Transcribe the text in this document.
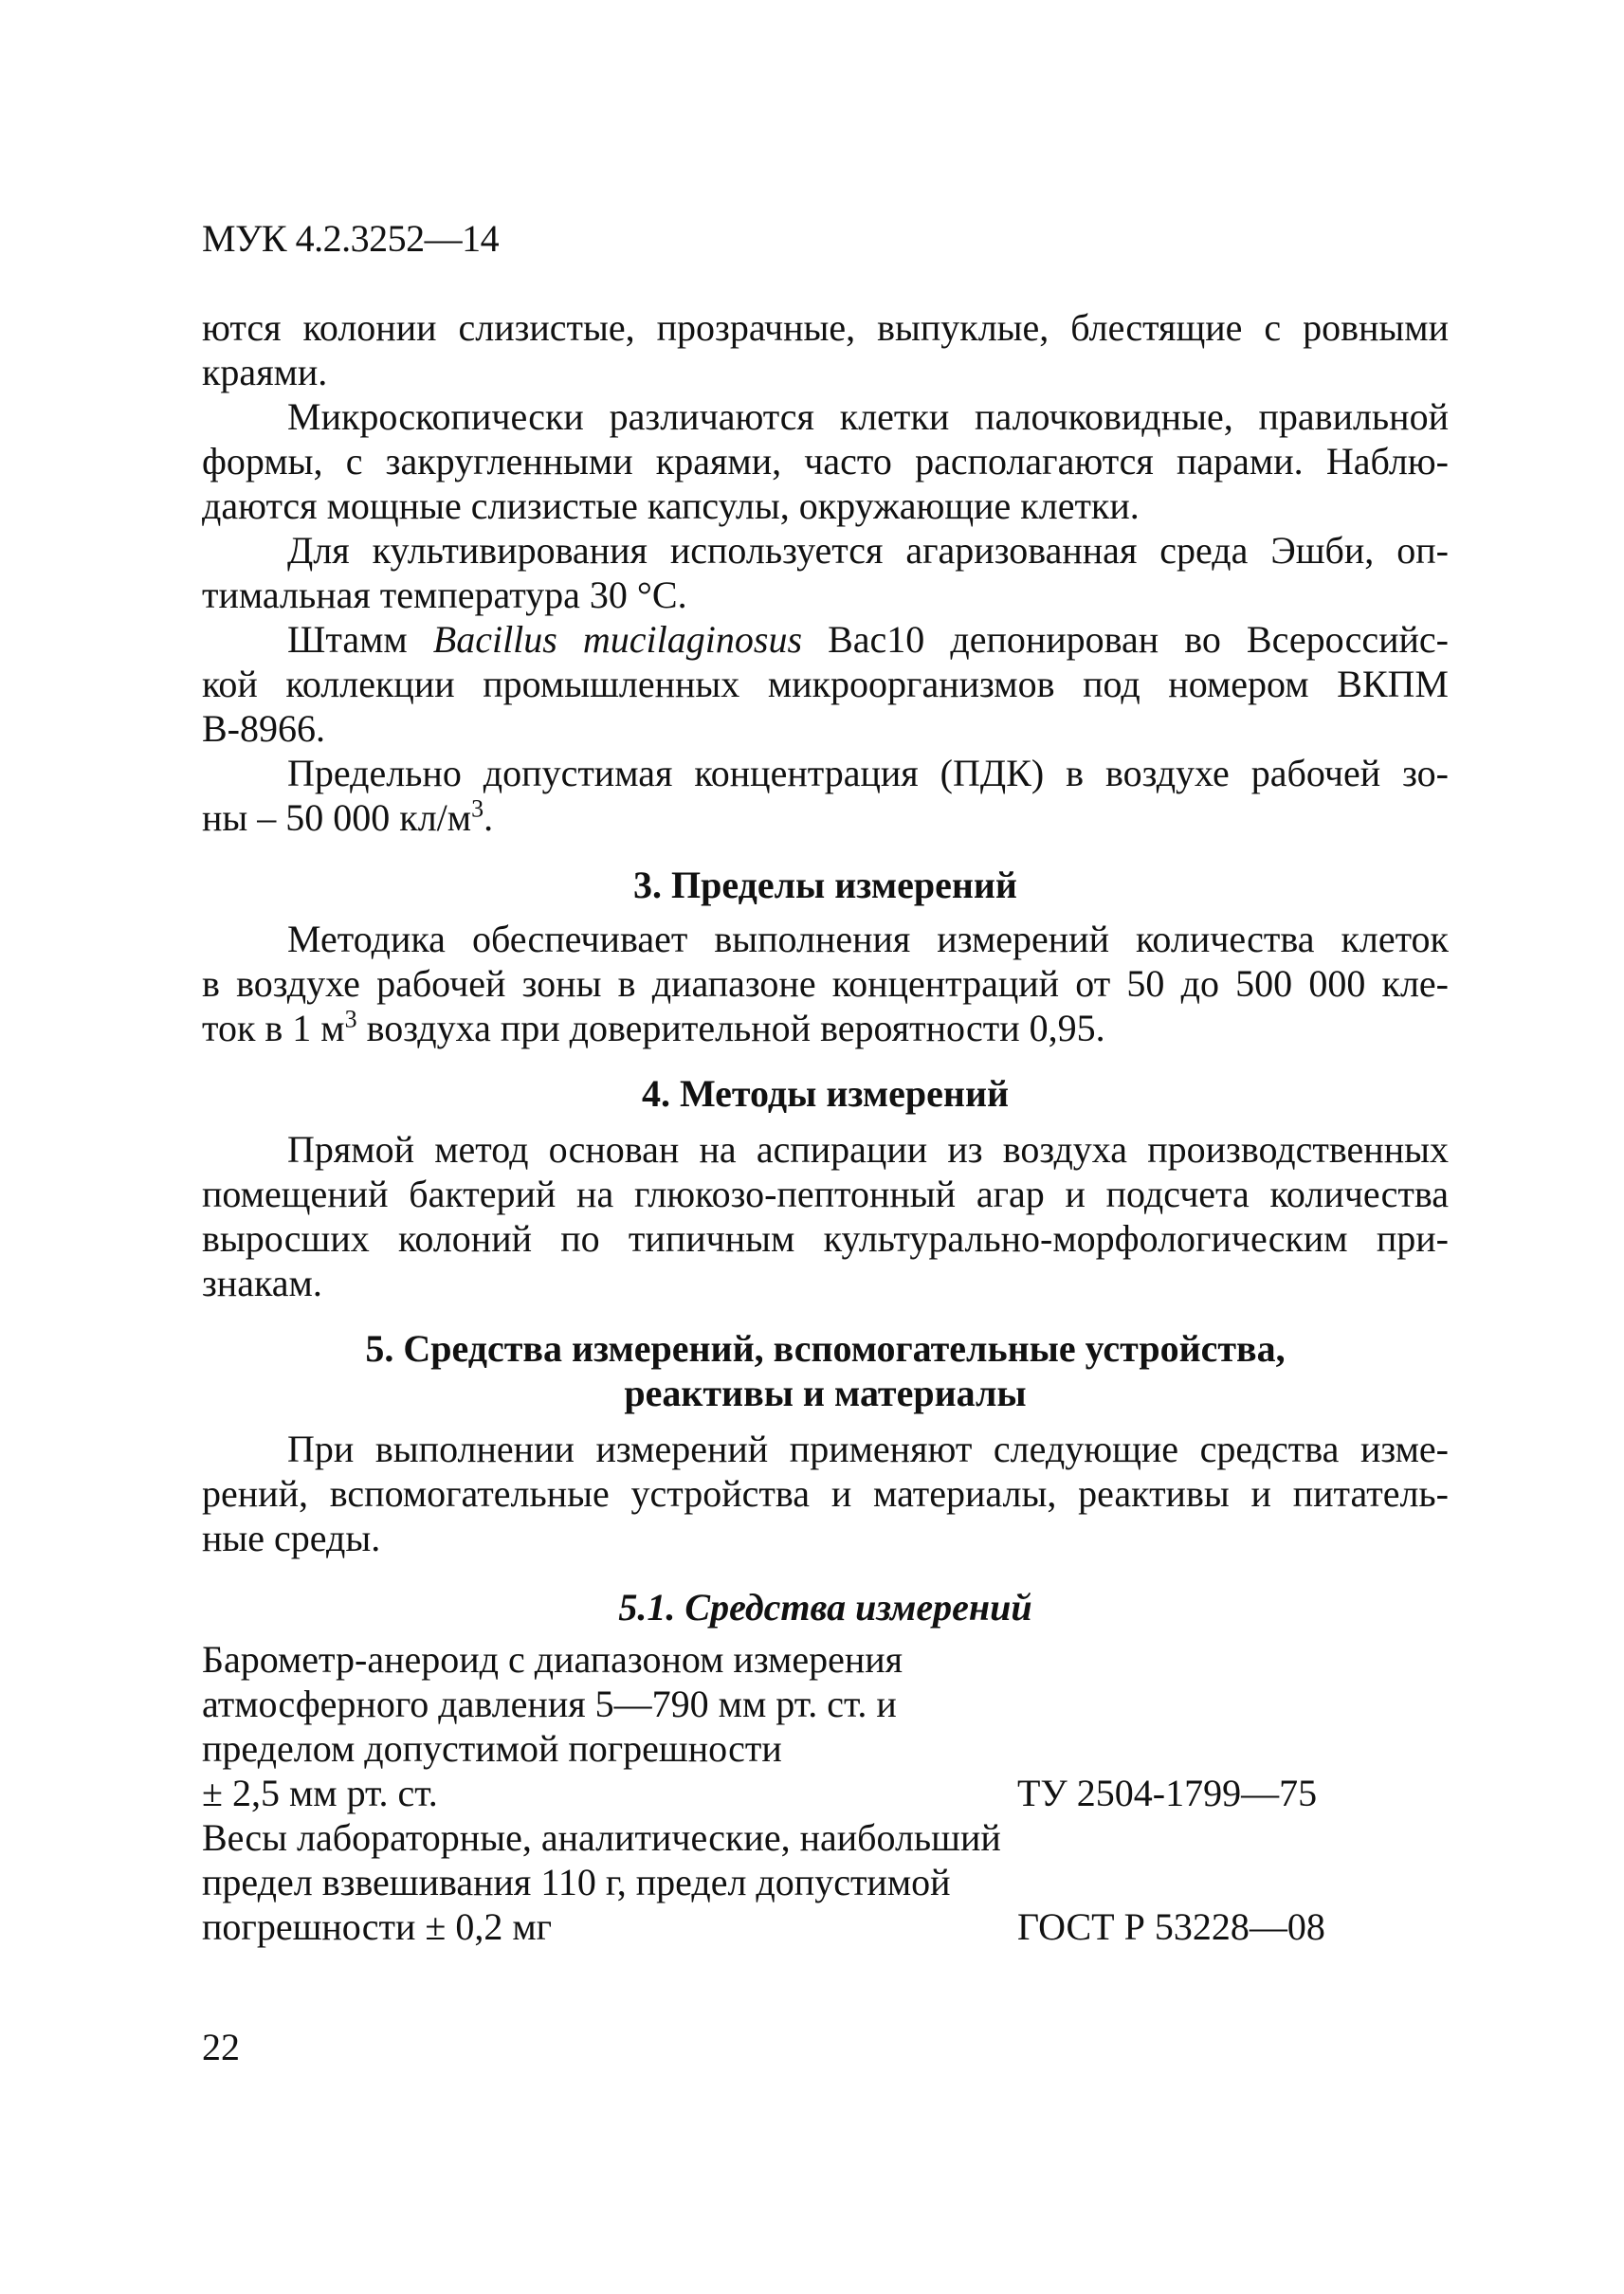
МУК 4.2.3252—14

ются колонии слизистые, прозрачные, выпуклые, блестящие с ровными
краями.

Микроскопически различаются клетки палочковидные, правильной
формы, с закругленными краями, часто располагаются парами. Наблю-
даются мощные слизистые капсулы, окружающие клетки.

Для культивирования используется агаризованная среда Эшби, оп-
тимальная температура 30 °С.

Штамм Bacillus mucilaginosus Bac10 депонирован во Всероссийс-
кой коллекции промышленных микроорганизмов под номером ВКПМ
B-8966.

Предельно допустимая концентрация (ПДК) в воздухе рабочей зо-
ны – 50 000 $кл/м^3$.

3. Пределы измерений

Методика обеспечивает выполнения измерений количества клеток
в воздухе рабочей зоны в диапазоне концентраций от 50 до 500 000 кле-
ток в 1 $м^3$ воздуха при доверительной вероятности 0,95.

4. Методы измерений

Прямой метод основан на аспирации из воздуха производственных
помещений бактерий на глюкозо-пептонный агар и подсчета количества
выросших колоний по типичным культурально-морфологическим при-
знакам.

5. Средства измерений, вспомогательные устройства,
реактивы и материалы

При выполнении измерений применяют следующие средства изме-
рений, вспомогательные устройства и материалы, реактивы и питатель-
ные среды.

5.1. Средства измерений
Барометр-анероид с диапазоном измерения
атмосферного давления 5—790 мм рт. ст. и
пределом допустимой погрешности
± 2,5 мм рт. ст.	ТУ 2504-1799—75
Весы лабораторные, аналитические, наибольший
предел взвешивания 110 г, предел допустимой
погрешности ± 0,2 мг	ГОСТ Р 53228—08
22
